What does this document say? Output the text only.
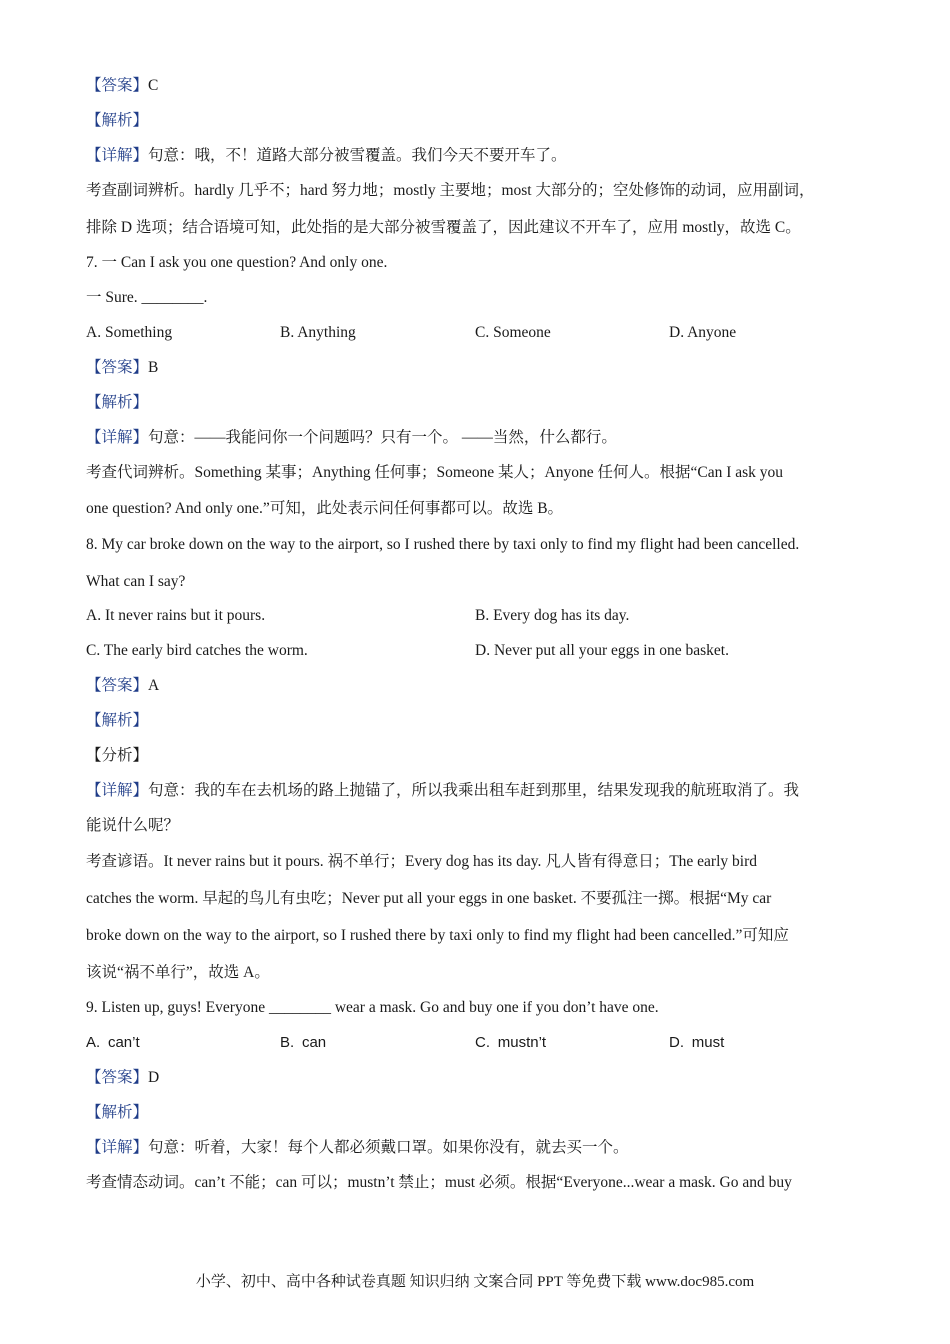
【答案】C
【解析】
【详解】句意：哦，不！道路大部分被雪覆盖。我们今天不要开车了。
考查副词辨析。hardly 几乎不；hard 努力地；mostly 主要地；most 大部分的；空处修饰的动词，应用副词，
排除 D 选项；结合语境可知，此处指的是大部分被雪覆盖了，因此建议不开车了，应用 mostly，故选 C。
7. 一 Can I ask you one question? And only one.
一 Sure. ________.
A. Something	B. Anything	C. Someone	D. Anyone
【答案】B
【解析】
【详解】句意：——我能问你一个问题吗？只有一个。 ——当然，什么都行。
考查代词辨析。Something 某事；Anything 任何事；Someone 某人；Anyone 任何人。根据“Can I ask you
one question? And only one.”可知，此处表示问任何事都可以。故选 B。
8. My car broke down on the way to the airport, so I rushed there by taxi only to find my flight had been cancelled.
What can I say?
A. It never rains but it pours.	B. Every dog has its day.
C. The early bird catches the worm.	D. Never put all your eggs in one basket.
【答案】A
【解析】
【分析】
【详解】句意：我的车在去机场的路上抛锚了，所以我乘出租车赶到那里，结果发现我的航班取消了。我
能说什么呢？
考查谚语。It never rains but it pours. 祸不单行；Every dog has its day. 凡人皆有得意日；The early bird
catches the worm. 早起的鸟儿有虫吃；Never put all your eggs in one basket. 不要孤注一掷。根据“My car
broke down on the way to the airport, so I rushed there by taxi only to find my flight had been cancelled.”可知应
该说“祸不单行”，故选 A。
9. Listen up, guys! Everyone ________ wear a mask. Go and buy one if you don’t have one.
A. can’t	B. can	C. mustn’t	D. must
【答案】D
【解析】
【详解】句意：听着，大家！每个人都必须戴口罩。如果你没有，就去买一个。
考查情态动词。can’t 不能；can 可以；mustn’t 禁止；must 必须。根据“Everyone...wear a mask. Go and buy
小学、初中、高中各种试卷真题 知识归纳 文案合同 PPT 等免费下载 www.doc985.com
